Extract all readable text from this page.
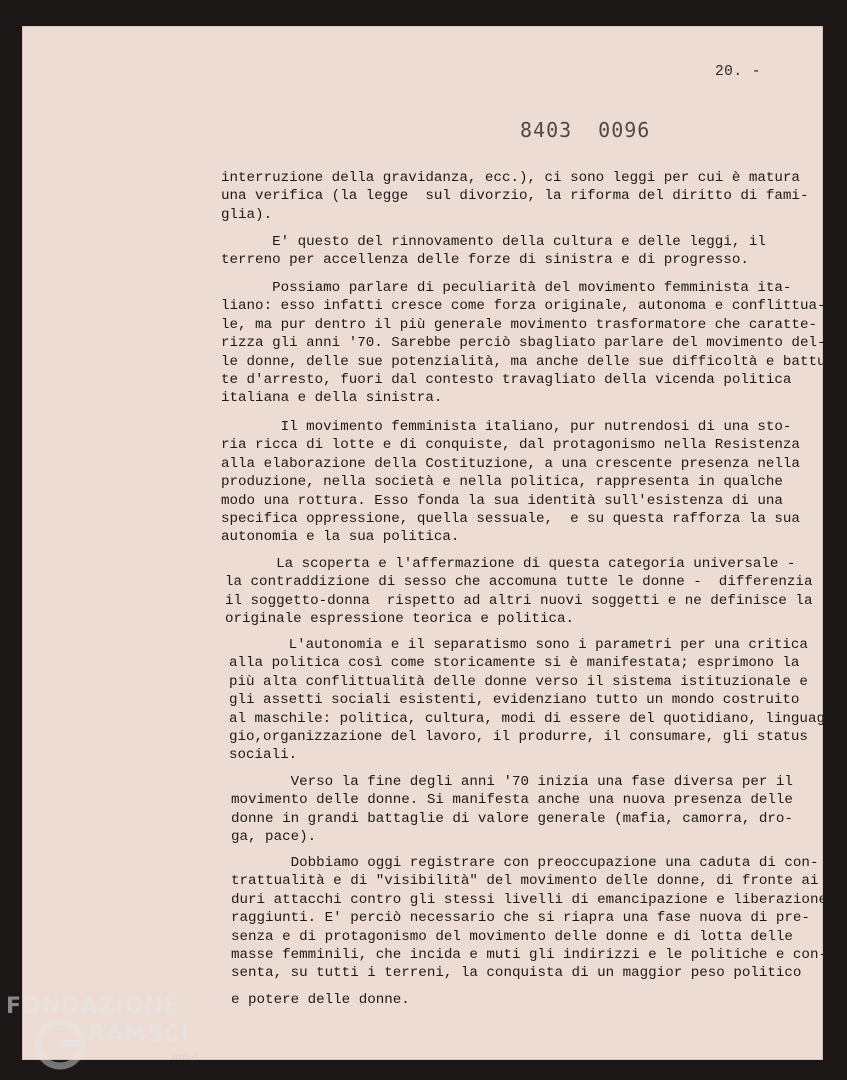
20. -
8403 0096
interruzione della gravidanza, ecc.), ci sono leggi per cui è matura
una verifica (la legge  sul divorzio, la riforma del diritto di fami-
glia).
E' questo del rinnovamento della cultura e delle leggi, il
terreno per accellenza delle forze di sinistra e di progresso.
Possiamo parlare di peculiarità del movimento femminista ita-
liano: esso infatti cresce come forza originale, autonoma e conflittua-
le, ma pur dentro il più generale movimento trasformatore che caratte-
rizza gli anni '70. Sarebbe perciò sbagliato parlare del movimento del-
le donne, delle sue potenzialità, ma anche delle sue difficoltà e battu-
te d'arresto, fuori dal contesto travagliato della vicenda politica
italiana e della sinistra.
Il movimento femminista italiano, pur nutrendosi di una sto-
ria ricca di lotte e di conquiste, dal protagonismo nella Resistenza
alla elaborazione della Costituzione, a una crescente presenza nella
produzione, nella società e nella politica, rappresenta in qualche
modo una rottura. Esso fonda la sua identità sull'esistenza di una
specifica oppressione, quella sessuale,  e su questa rafforza la sua
autonomia e la sua politica.
La scoperta e l'affermazione di questa categoria universale -
la contraddizione di sesso che accomuna tutte le donne -  differenzia
il soggetto-donna  rispetto ad altri nuovi soggetti e ne definisce la
originale espressione teorica e politica.
L'autonomia e il separatismo sono i parametri per una critica
alla politica così come storicamente si è manifestata; esprimono la
più alta conflittualità delle donne verso il sistema istituzionale e
gli assetti sociali esistenti, evidenziano tutto un mondo costruito
al maschile: politica, cultura, modi di essere del quotidiano, linguag-
gio,organizzazione del lavoro, il produrre, il consumare, gli status
sociali.
Verso la fine degli anni '70 inizia una fase diversa per il
movimento delle donne. Si manifesta anche una nuova presenza delle
donne in grandi battaglie di valore generale (mafia, camorra, dro-
ga, pace).
Dobbiamo oggi registrare con preoccupazione una caduta di con-
trattualità e di "visibilità" del movimento delle donne, di fronte ai
duri attacchi contro gli stessi livelli di emancipazione e liberazione
raggiunti. E' perciò necessario che si riapra una fase nuova di pre-
senza e di protagonismo del movimento delle donne e di lotta delle
masse femminili, che incida e muti gli indirizzi e le politiche e con-
senta, su tutti i terreni, la conquista di un maggior peso politico
e potere delle donne.
FONDAZIONE
RAMSCI
onlus
